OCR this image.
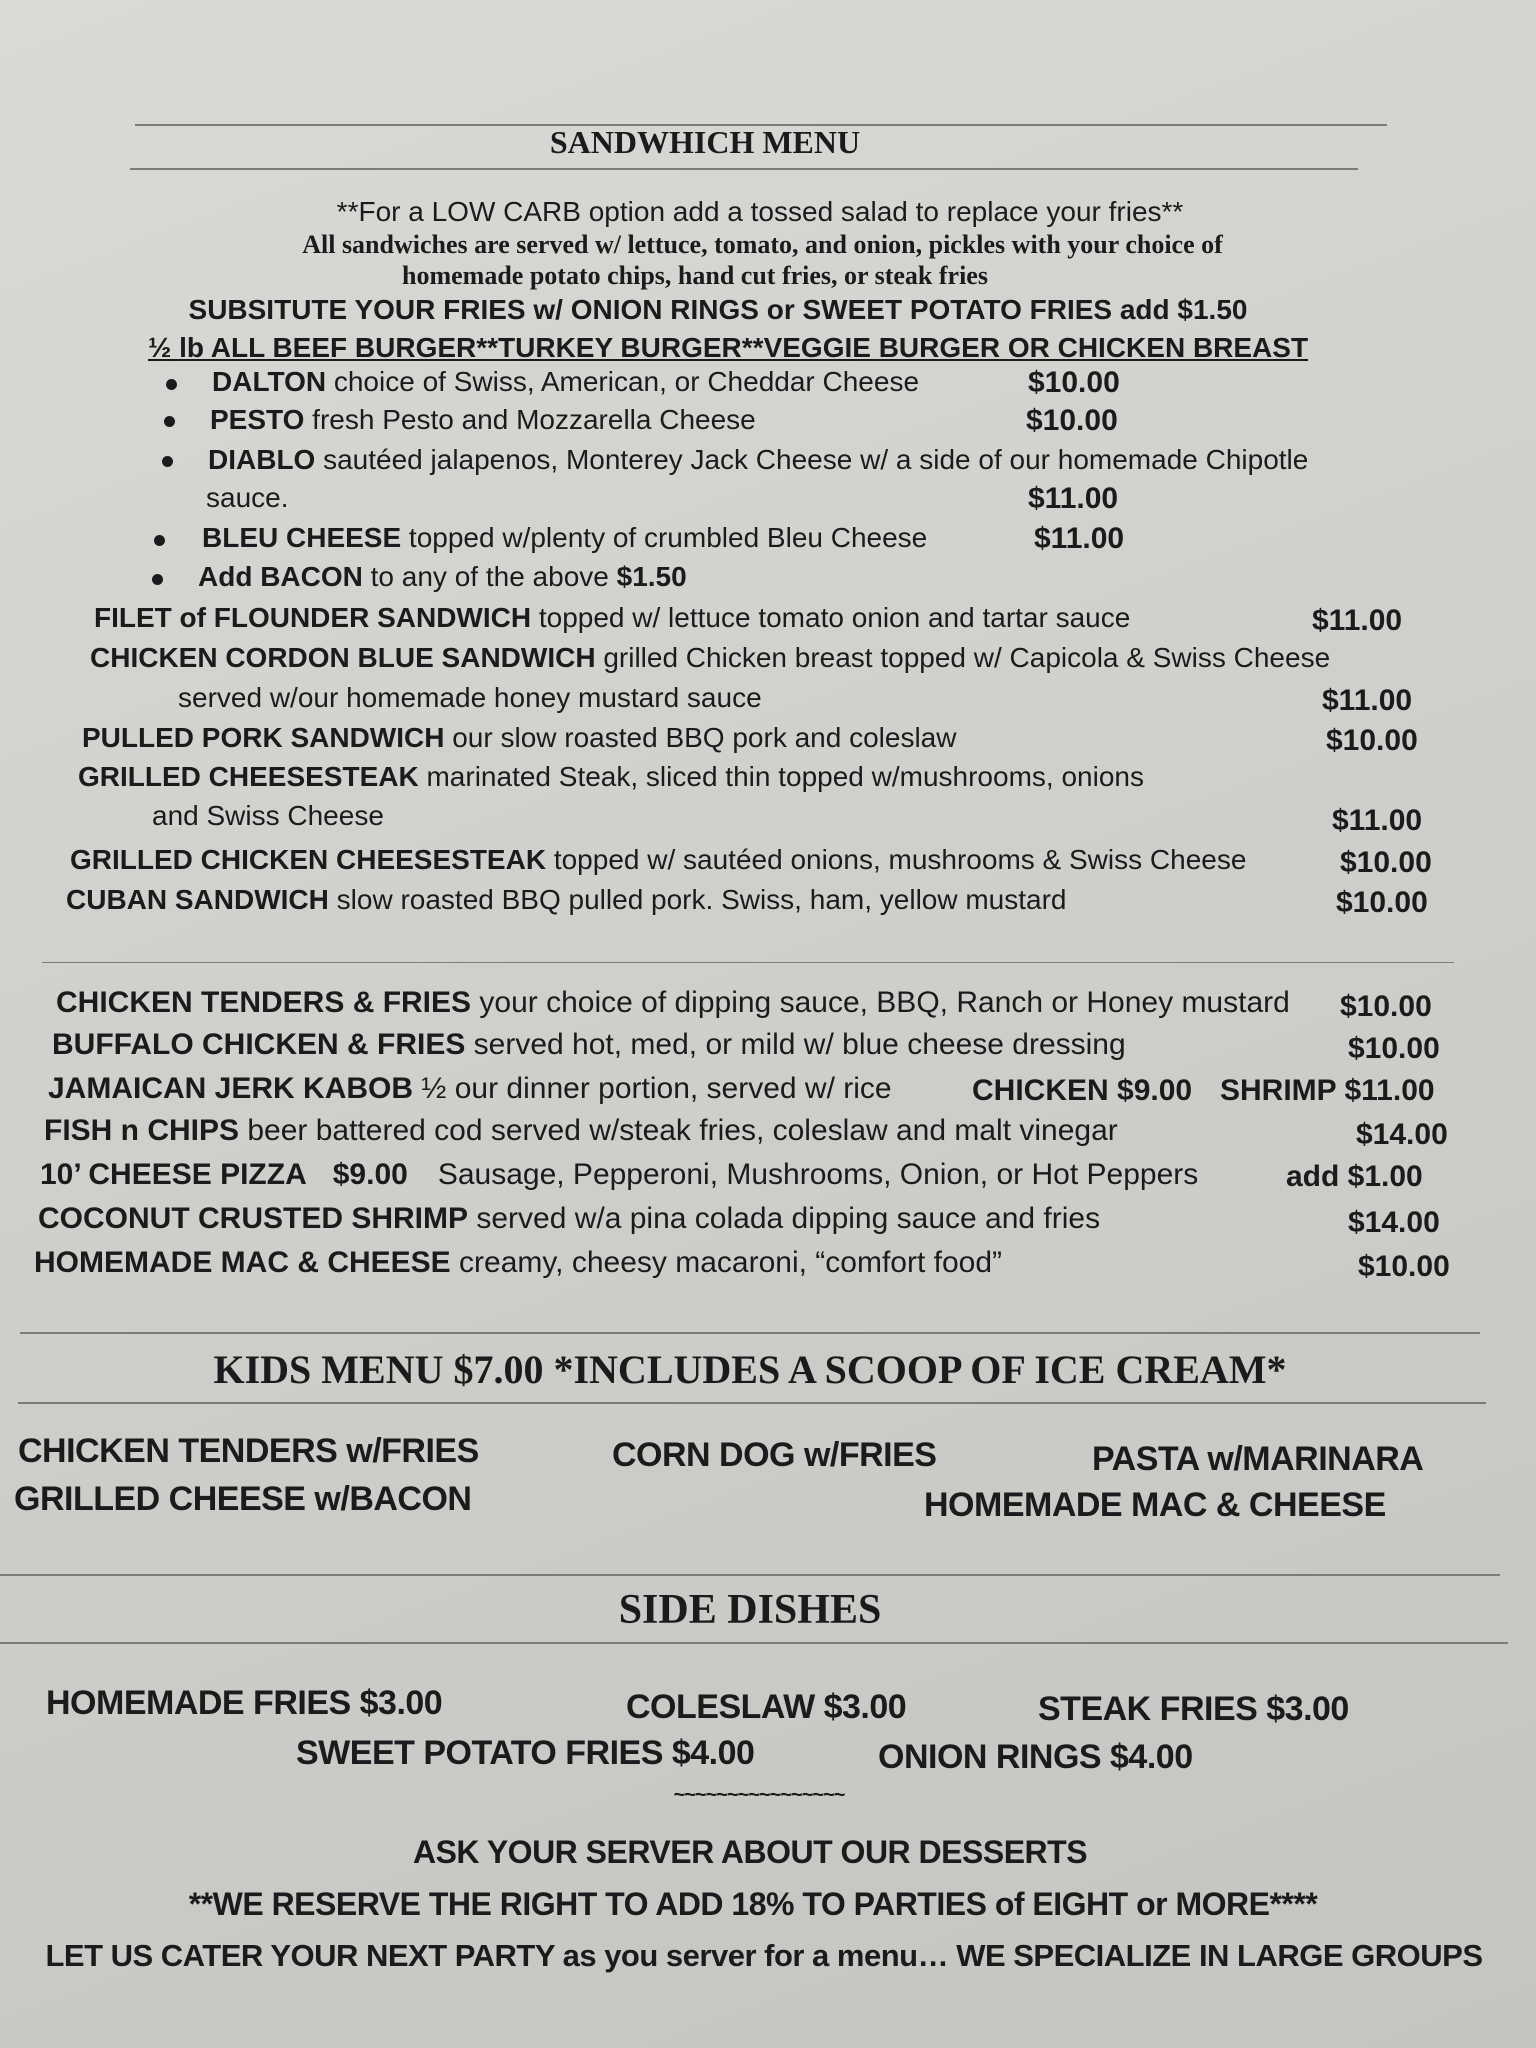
SANDWHICH MENU
**For a LOW CARB option add a tossed salad to replace your fries**
All sandwiches are served w/ lettuce, tomato, and onion, pickles with your choice of
homemade potato chips, hand cut fries, or steak fries
SUBSITUTE YOUR FRIES w/ ONION RINGS or SWEET POTATO FRIES add $1.50
½ lb ALL BEEF BURGER**TURKEY BURGER**VEGGIE BURGER OR CHICKEN BREAST
DALTON choice of Swiss, American, or Cheddar Cheese	$10.00
PESTO fresh Pesto and Mozzarella Cheese	$10.00
DIABLO sautéed jalapenos, Monterey Jack Cheese w/ a side of our homemade Chipotle
sauce.	$11.00
BLEU CHEESE topped w/plenty of crumbled Bleu Cheese	$11.00
Add BACON to any of the above $1.50
FILET of FLOUNDER SANDWICH topped w/ lettuce tomato onion and tartar sauce	$11.00
CHICKEN CORDON BLUE SANDWICH grilled Chicken breast topped w/ Capicola & Swiss Cheese
served w/our homemade honey mustard sauce	$11.00
PULLED PORK SANDWICH our slow roasted BBQ pork and coleslaw	$10.00
GRILLED CHEESESTEAK marinated Steak, sliced thin topped w/mushrooms, onions
and Swiss Cheese	$11.00
GRILLED CHICKEN CHEESESTEAK topped w/ sautéed onions, mushrooms & Swiss Cheese	$10.00
CUBAN SANDWICH slow roasted BBQ pulled pork. Swiss, ham, yellow mustard	$10.00
CHICKEN TENDERS & FRIES your choice of dipping sauce, BBQ, Ranch or Honey mustard $10.00
BUFFALO CHICKEN & FRIES served hot, med, or mild w/ blue cheese dressing	$10.00
JAMAICAN JERK KABOB ½ our dinner portion, served w/ rice	CHICKEN $9.00 SHRIMP $11.00
FISH n CHIPS beer battered cod served w/steak fries, coleslaw and malt vinegar	$14.00
10’ CHEESE PIZZA $9.00 Sausage, Pepperoni, Mushrooms, Onion, or Hot Peppers	add $1.00
COCONUT CRUSTED SHRIMP served w/a pina colada dipping sauce and fries	$14.00
HOMEMADE MAC & CHEESE creamy, cheesy macaroni, “comfort food”	$10.00
KIDS MENU $7.00 *INCLUDES A SCOOP OF ICE CREAM*
CHICKEN TENDERS w/FRIES	CORN DOG w/FRIES	PASTA w/MARINARA
GRILLED CHEESE w/BACON	HOMEMADE MAC & CHEESE
SIDE DISHES
HOMEMADE FRIES $3.00	COLESLAW $3.00	STEAK FRIES $3.00
SWEET POTATO FRIES $4.00	ONION RINGS $4.00
~~~~~~~~~~~~~~~~
ASK YOUR SERVER ABOUT OUR DESSERTS
**WE RESERVE THE RIGHT TO ADD 18% TO PARTIES of EIGHT or MORE****
LET US CATER YOUR NEXT PARTY as you server for a menu… WE SPECIALIZE IN LARGE GROUPS
